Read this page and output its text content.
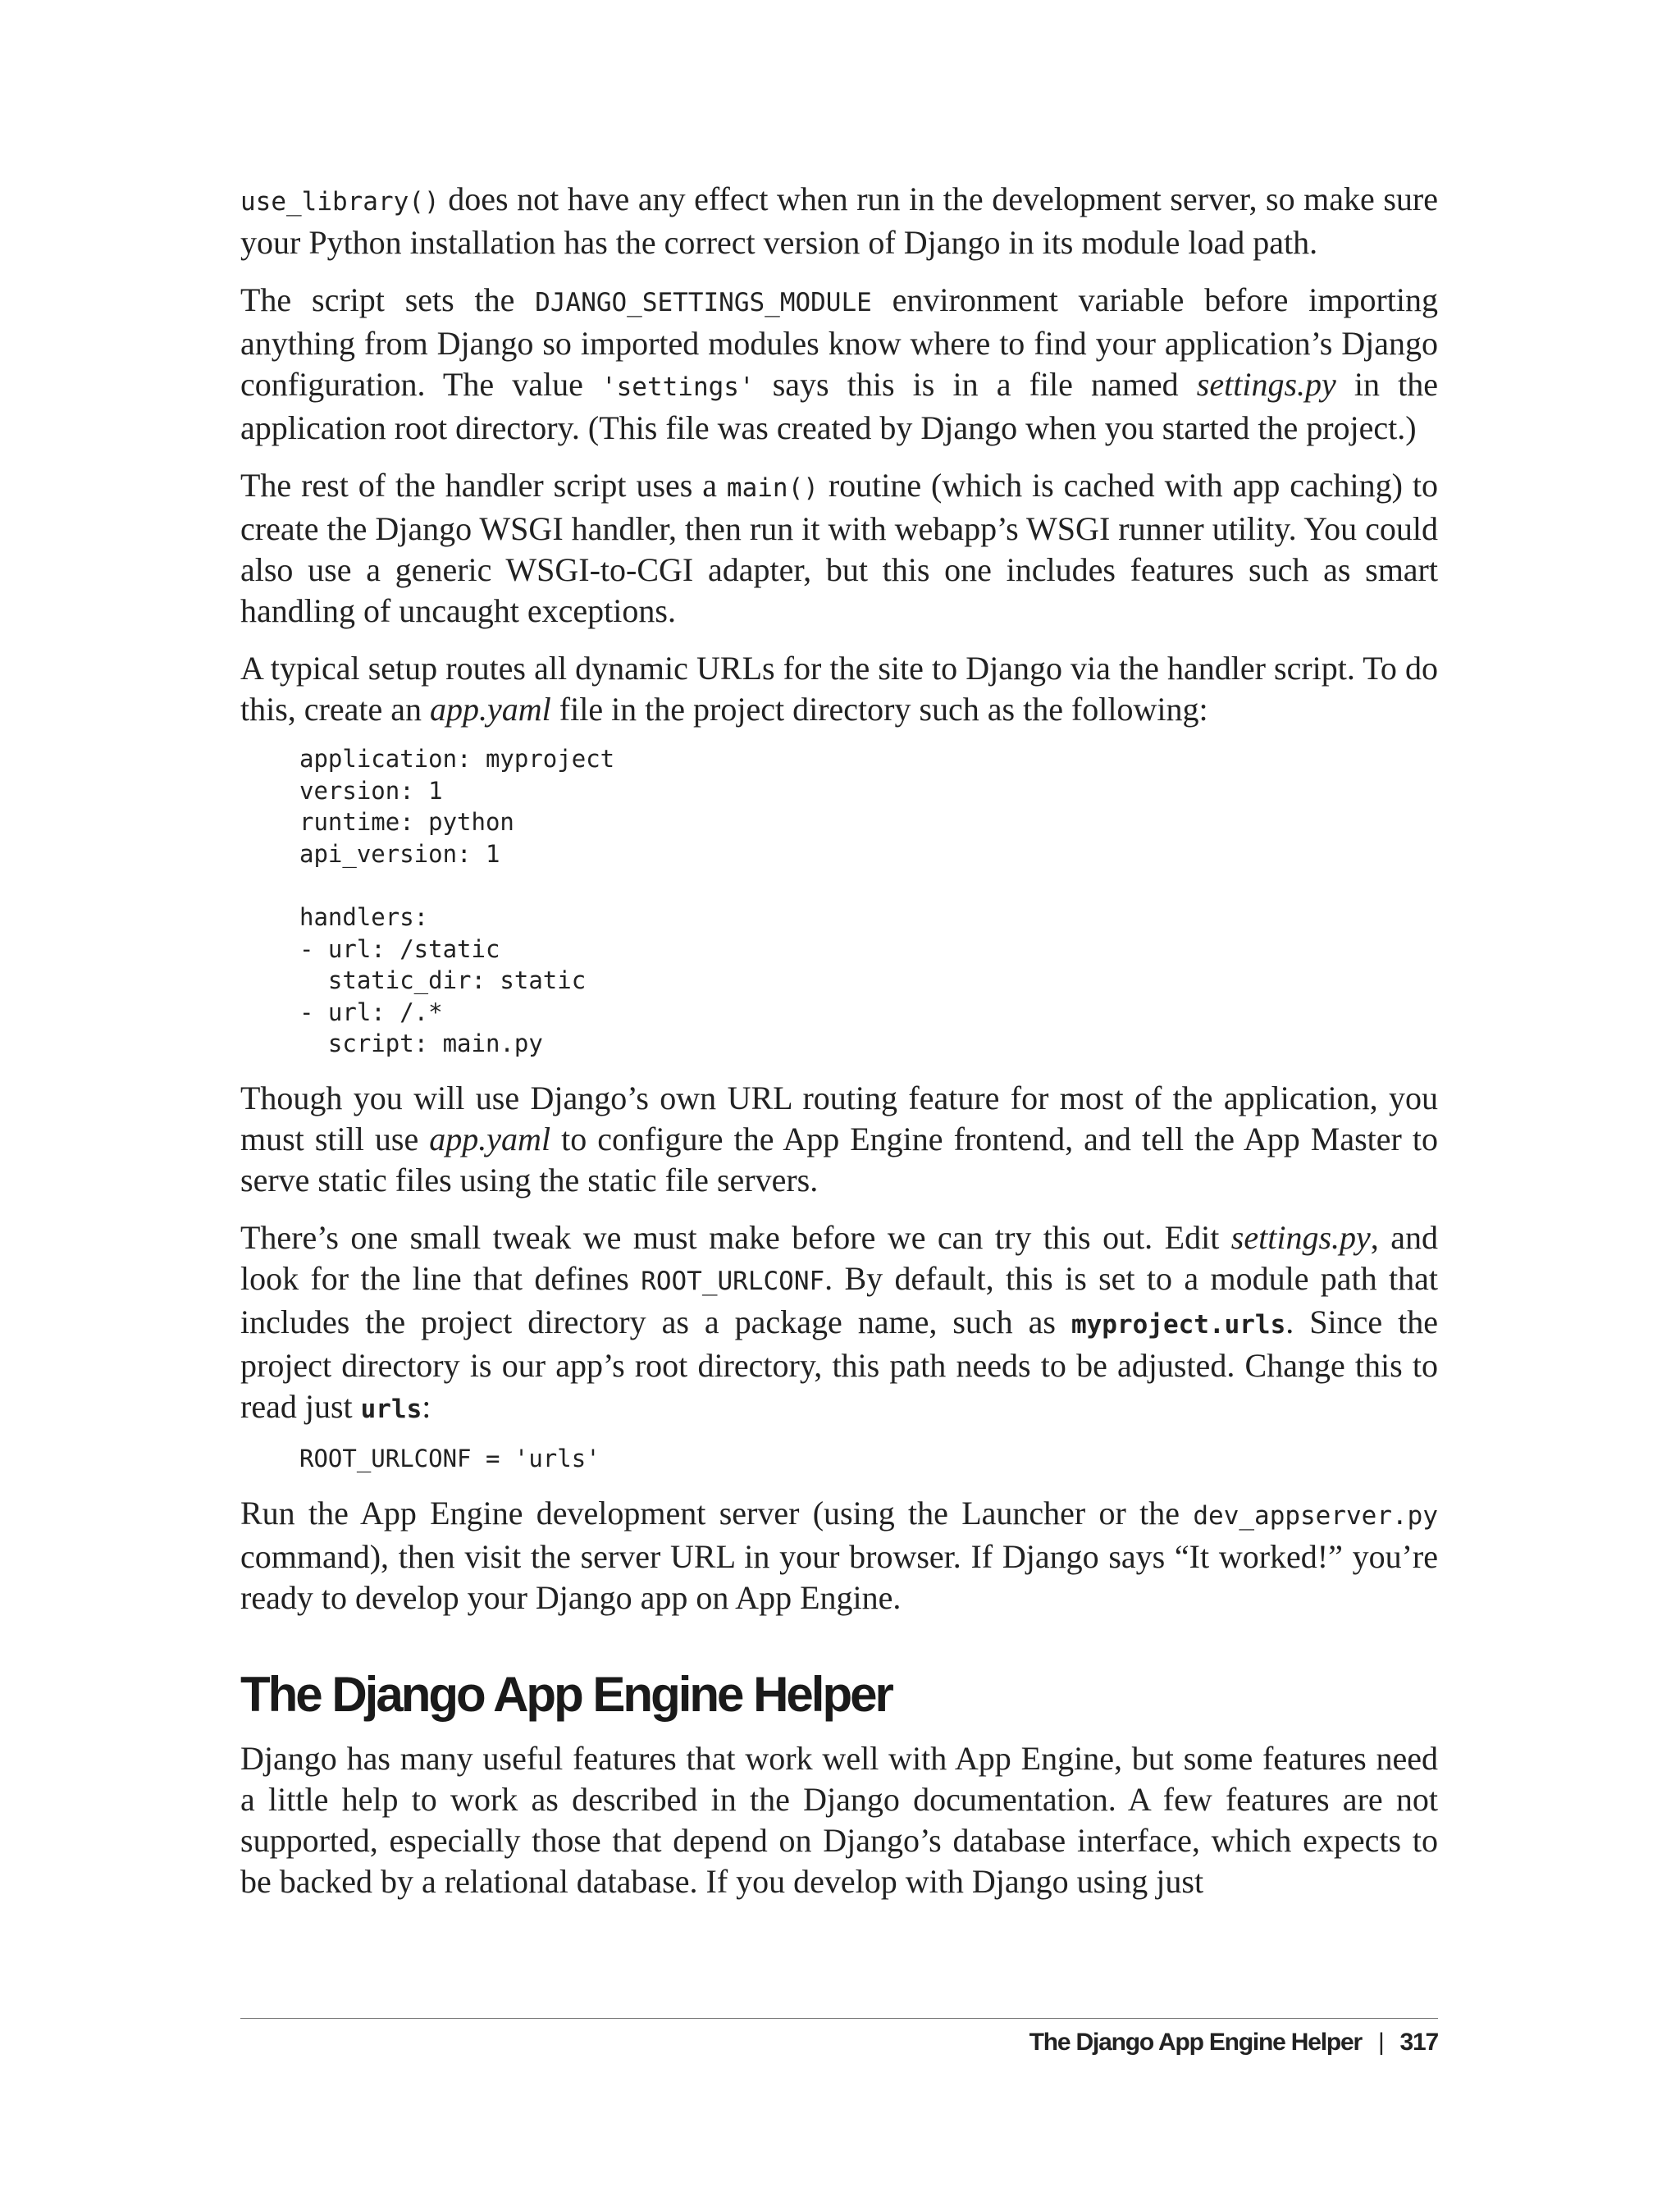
use_library() does not have any effect when run in the development server, so make sure your Python installation has the correct version of Django in its module load path.

The script sets the DJANGO_SETTINGS_MODULE environment variable before importing anything from Django so imported modules know where to find your application’s Django configuration. The value 'settings' says this is in a file named settings.py in the application root directory. (This file was created by Django when you started the project.)

The rest of the handler script uses a main() routine (which is cached with app caching) to create the Django WSGI handler, then run it with webapp’s WSGI runner utility. You could also use a generic WSGI-to-CGI adapter, but this one includes features such as smart handling of uncaught exceptions.

A typical setup routes all dynamic URLs for the site to Django via the handler script. To do this, create an app.yaml file in the project directory such as the following:

application: myproject
version: 1
runtime: python
api_version: 1
handlers:
- url: /static
static_dir: static
- url: /.*
script: main.py

Though you will use Django’s own URL routing feature for most of the application, you must still use app.yaml to configure the App Engine frontend, and tell the App Master to serve static files using the static file servers.

There’s one small tweak we must make before we can try this out. Edit settings.py, and look for the line that defines ROOT_URLCONF. By default, this is set to a module path that includes the project directory as a package name, such as myproject.urls. Since the project directory is our app’s root directory, this path needs to be adjusted. Change this to read just urls:

ROOT_URLCONF = 'urls'

Run the App Engine development server (using the Launcher or the dev_appserver.py command), then visit the server URL in your browser. If Django says “It worked!” you’re ready to develop your Django app on App Engine.

The Django App Engine Helper

Django has many useful features that work well with App Engine, but some features need a little help to work as described in the Django documentation. A few features are not supported, especially those that depend on Django’s database interface, which expects to be backed by a relational database. If you develop with Django using just

The Django App Engine Helper | 317
